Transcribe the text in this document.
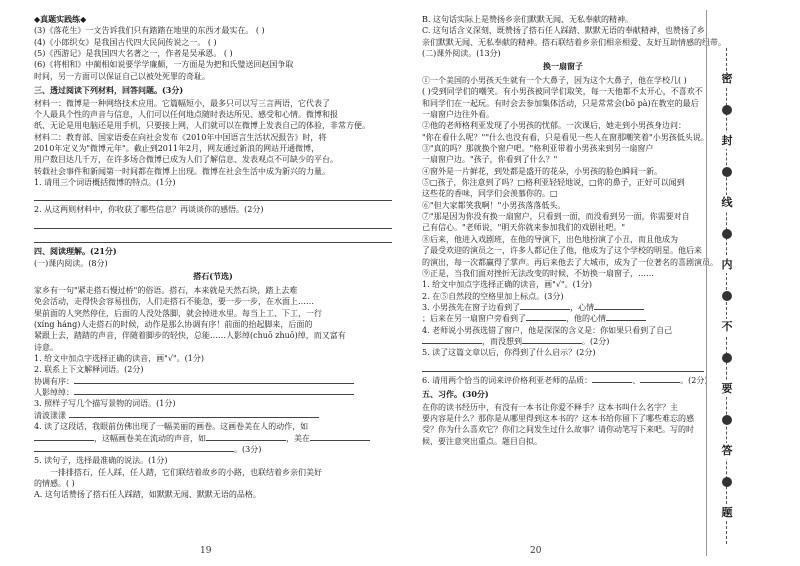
◆真题实践练◆
(3)《落花生》一文告诉我们只有踏踏在地里的东西才最实在。 ( )
(4)《小郎织女》是我国古代四大民间传说之一。 ( )
(5)《西游记》是我国四大名著之一，作者是吴承恩。 ( )
(6)《将相和》中蔺相如说要学学廉颇，一方面是为把和氏璧送回赵国争取
时间，另一方面可以保证自己以被处死罪的奇耻。
三、透过阅读下列材料，回答问题。(3分)
材料一：微博是一种网络技术应用。它篇幅短小，最多只可以写三言两语，它代表了
个人最具个性的声音与信息，人们可以任何地点随时表达所见、感受和心情。微博和报
纸、无论是用电脑还是用手机，只要接上网，人们就可以在微博上发表自己的体验，非常方便。
材料二：教育部、国家语委在向社会发布《2010年中国语言生活状况报告》时，将
2010年定义为"微博元年"。截止到2011年2月，网友通过新浪的网站开通微博，
用户数目达几千万，在许多场合微博已成为人们了解信息、发表观点不可缺少的平台。
转载社会事件和新闻第一时间都在微博上出现。微博在社会生活中成为新兴的力量。
1. 请用三个词语概括微博的特点。(1分)
2. 从这两则材料中，你收获了哪些信息？再谈谈你的感悟。(2分)
四、阅读理解。(21分)
(一)课内阅读。(8分)
搭石(节选)
家乡有一句"紧走搭石慢过桥"的俗语。搭石，本来就是天然石块，踏上去难
免会活动，走得快会容易扭伤，人们走搭石不能急，要一步一步，在水面上……
果前面的人突然停住，后面的人没处落脚，就会掉进水里。每当上工、下工，一行
(xíng háng)人走搭石的时候，动作是那么协调有序！前面的抬起脚来，后面的
紧跟上去，踏踏的声音，伴随着脚步的轻快，总能……人影绰(chuō zhuō)绰，而又富有
诗意。
1. 给文中加点字选择正确的读音，画"√"。(1分)
2. 联系上下文解释词语。(2分)
协调有序：
人影绰绰：
3. 照样子写几个描写景物的词语。(1分)
清波漾漾
4. 读了这段话，我眼前仿佛出现了一幅美丽的画卷。这画卷美在人的动作，如
，这幅画卷美在流动的声音，如	，美在
。(3分)
5. 读句子，选择最准确的说法。(1分)
一排排搭石，任人踩，任人踏，它们联结着故乡的小路，也联结着乡亲们美好
的情感。( )
A. 这句话赞扬了搭石任人踩踏，如默默无闻、默默无语的品格。
19
B. 这句话实际上是赞扬乡亲们默默无闻、无私奉献的精神。
C. 这句话含义深刻，既赞扬了搭石任人踩踏、默默无语的奉献精神，也赞扬了乡
亲们默默无闻、无私奉献的精神。搭石联结着乡亲们相亲相爱、友好互助情感的纽带。
(二)课外阅读。(13分)
换一扇窗子
①一个美国的小男孩天生就有一个大鼻子，因为这个大鼻子，他在学校几( )
( )受到同学们的嘲笑。有小男孩被同学们取笑，每一天他都不太开心，不喜欢不
和同学们在一起玩。有时会去参加集体活动，只是常常会(bō pà)在教室的最后
一扇窗户边往外看。
②他的老师格利亚发现了小男孩的忧郁。一次课后，她走到小男孩身边问：
"你在看什么呢？""什么也没有看，只是看见一些人在窗那嘲笑着"小男孩低头说。
③"真的吗？那就换个窗户吧。"格利亚带着小男孩来到另一扇窗户
一扇窗户边。"孩子，你看到了什么？"
④窗外是一片鲜花，到处都是盛开的花朵，小男孩的脸色瞬间一新。
⑤□孩子，你注意到了吗？□格利亚轻轻地说，□你的鼻子，正好可以闻到
这些花的香味，同学们会羡慕你的。□
⑥"但大家都笑我啊！"小男孩落落低头。
⑦"那是因为你没有换一扇窗户，只看到一面，而没看到另一面，你需要对自
己有信心。"老师说，"明天你就来参加我们的戏剧社吧。"
⑧后来，他进入戏剧班，在他的导演下，出色地扮演了小丑，而且他成为
了最受欢迎的演员之一，许多人都记住了他，他成为了这个学校的明星。他后来
的演出，每一次都赢得了掌声。再后来他去了大城市，成为了一位著名的喜剧演员。
⑨正是，当我们面对挫折无法改变的时候，不妨换一扇窗子，……
1. 给文中加点字选择正确的读音，画"√"。(1分)
2. 在⑤自然段的空格里加上标点。(3分)
3. 小男孩先在窗子边看到了	，心情
；后来在另一扇窗户旁看到了	，他的心情
4. 老师说小男孩选错了窗户，他是深深的含义是：你如果只看到了自己
，而没想到	。(2分)
5. 读了这篇文章以后，你得到了什么启示？(2分)
6. 请用两个恰当的词来评价格利亚老师的品质：	、	。(2分)
五、习作。(30分)
在你的读书经历中，有没有一本书让你爱不释手？这本书叫什么名字？主
要内容是什么？那你是从哪里得到这本书的？这本书给你留下了哪些难忘的感
受？你为什么喜欢它？你们之间发生过什么故事？请你动笔写下来吧。写的时
候，要注意突出重点。题目自拟。
20
密
封
线
内
不
要
答
题
